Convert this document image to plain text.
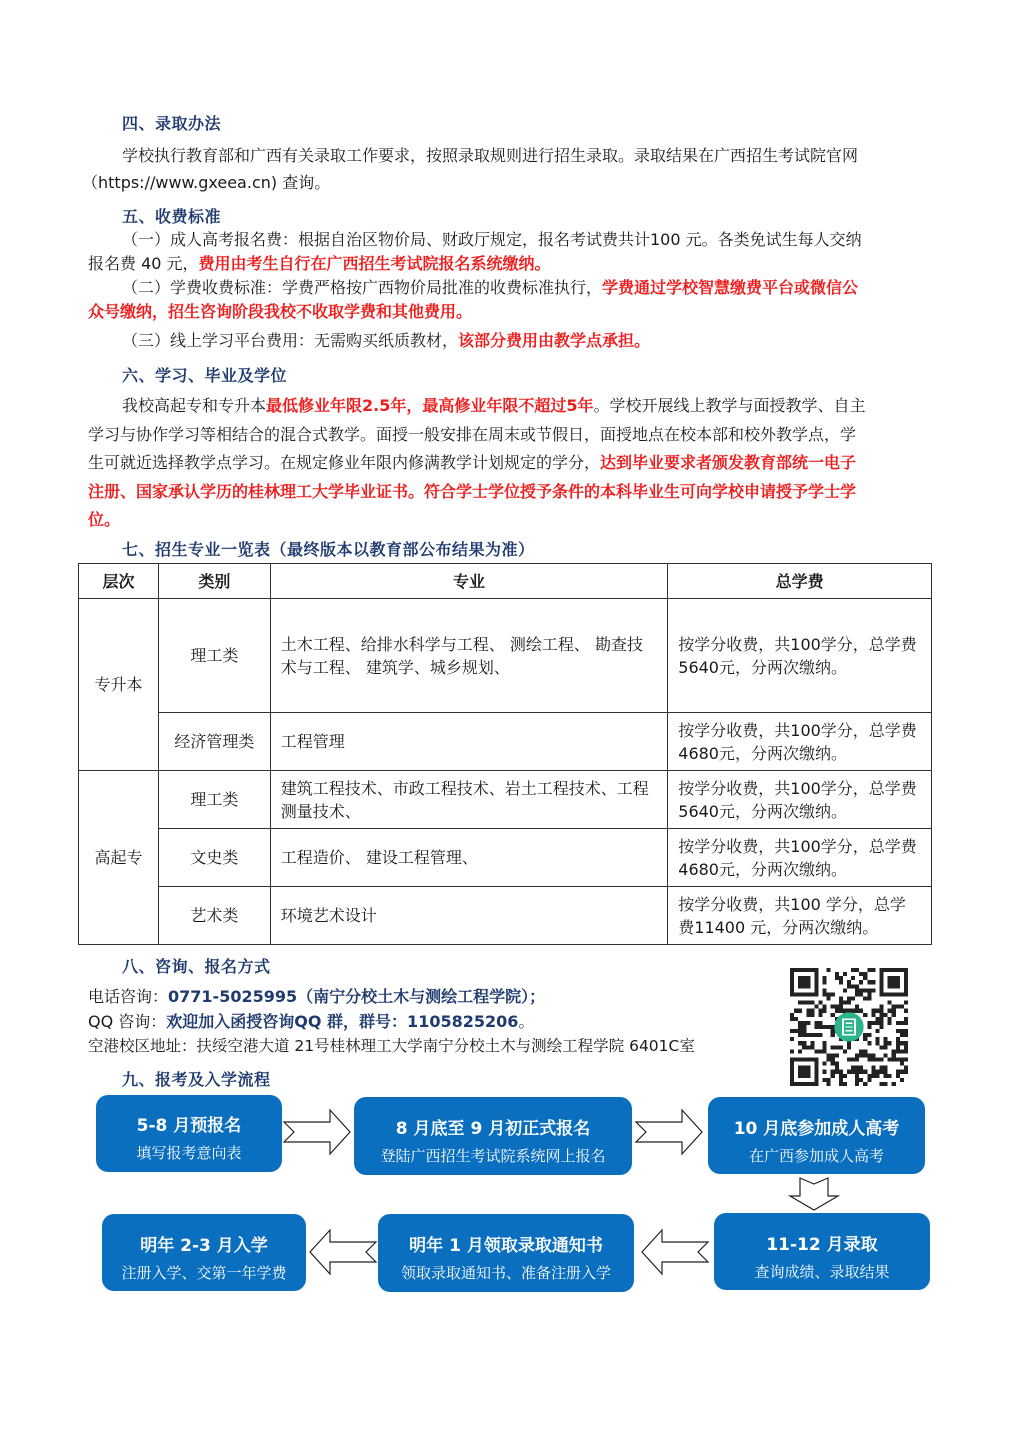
四、录取办法
学校执行教育部和广西有关录取工作要求，按照录取规则进行招生录取。录取结果在广西招生考试院官网
（https://www.gxeea.cn) 查询。
五、收费标准
（一）成人高考报名费：根据自治区物价局、财政厅规定，报名考试费共计100 元。各类免试生每人交纳
报名费 40 元，费用由考生自行在广西招生考试院报名系统缴纳。
（二）学费收费标准：学费严格按广西物价局批准的收费标准执行，学费通过学校智慧缴费平台或微信公
众号缴纳，招生咨询阶段我校不收取学费和其他费用。
（三）线上学习平台费用：无需购买纸质教材，该部分费用由教学点承担。
六、学习、毕业及学位
我校高起专和专升本最低修业年限2.5年，最高修业年限不超过5年。学校开展线上教学与面授教学、自主
学习与协作学习等相结合的混合式教学。面授一般安排在周末或节假日，面授地点在校本部和校外教学点，学
生可就近选择教学点学习。在规定修业年限内修满教学计划规定的学分，达到毕业要求者颁发教育部统一电子
注册、国家承认学历的桂林理工大学毕业证书。符合学士学位授予条件的本科毕业生可向学校申请授予学士学
位。
七、招生专业一览表（最终版本以教育部公布结果为准）
层次	类别	专业	总学费
专升本	理工类	土木工程、给排水科学与工程、 测绘工程、 勘查技术与工程、 建筑学、城乡规划、	按学分收费，共100学分，总学费5640元，分两次缴纳。
	经济管理类	工程管理	按学分收费，共100学分，总学费4680元，分两次缴纳。
高起专	理工类	建筑工程技术、市政工程技术、岩土工程技术、工程测量技术、	按学分收费，共100学分，总学费5640元，分两次缴纳。
	文史类	工程造价、 建设工程管理、	按学分收费，共100学分，总学费4680元，分两次缴纳。
	艺术类	环境艺术设计	按学分收费，共100 学分，总学费11400 元，分两次缴纳。
八、咨询、报名方式
电话咨询：0771-5025995（南宁分校土木与测绘工程学院）；
QQ 咨询：欢迎加入函授咨询QQ 群，群号：1105825206。
空港校区地址：扶绥空港大道 21号桂林理工大学南宁分校土木与测绘工程学院 6401C室
九、报考及入学流程
5-8 月预报名
填写报考意向表
8 月底至 9 月初正式报名
登陆广西招生考试院系统网上报名
10 月底参加成人高考
在广西参加成人高考
11-12 月录取
查询成绩、录取结果
明年 1 月领取录取通知书
领取录取通知书、准备注册入学
明年 2-3 月入学
注册入学、交第一年学费
